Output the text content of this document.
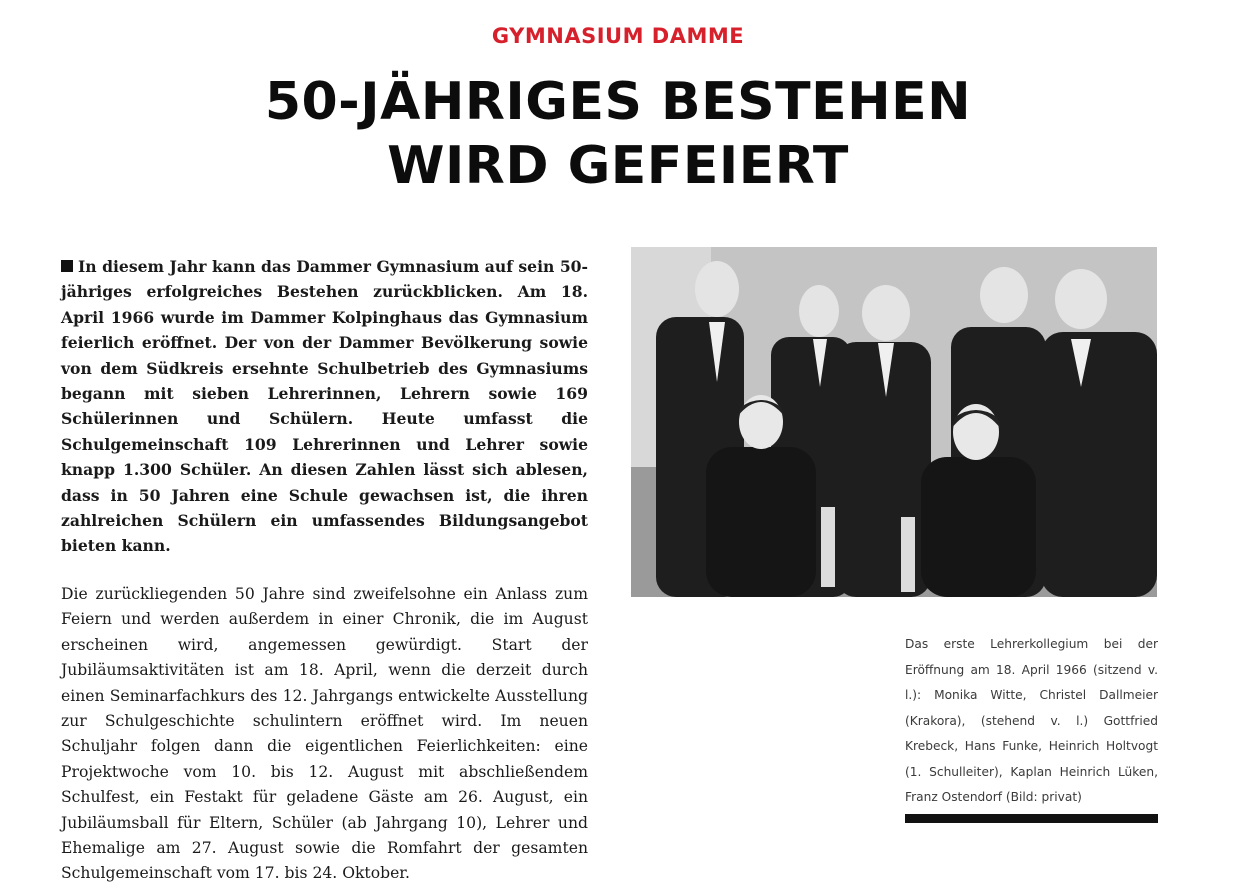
GYMNASIUM DAMME
50-JÄHRIGES BESTEHEN
WIRD GEFEIERT

In diesem Jahr kann das Dammer Gymnasium auf sein 50-jähriges erfolgreiches Bestehen zurückblicken. Am 18. April 1966 wurde im Dammer Kolpinghaus das Gymnasium feierlich eröffnet. Der von der Dammer Bevölkerung sowie von dem Südkreis ersehnte Schulbetrieb des Gymnasiums begann mit sieben Lehrerinnen, Lehrern sowie 169 Schülerinnen und Schülern. Heute umfasst die Schulgemeinschaft 109 Lehrerinnen und Lehrer sowie knapp 1.300 Schüler. An diesen Zahlen lässt sich ablesen, dass in 50 Jahren eine Schule gewachsen ist, die ihren zahlreichen Schülern ein umfassendes Bildungsangebot bieten kann.

Die zurückliegenden 50 Jahre sind zweifelsohne ein Anlass zum Feiern und werden außerdem in einer Chronik, die im August erscheinen wird, angemessen gewürdigt. Start der Jubiläumsaktivitäten ist am 18. April, wenn die derzeit durch einen Seminarfachkurs des 12. Jahrgangs entwickelte Ausstellung zur Schulgeschichte schulintern eröffnet wird. Im neuen Schuljahr folgen dann die eigentlichen Feierlichkeiten: eine Projektwoche vom 10. bis 12. August mit abschließendem Schulfest, ein Festakt für geladene Gäste am 26. August, ein Jubiläumsball für Eltern, Schüler (ab Jahrgang 10), Lehrer und Ehemalige am 27. August sowie die Romfahrt der gesamten Schulgemeinschaft vom 17. bis 24. Oktober.

Das erste Lehrerkollegium bei der Eröffnung am 18. April 1966 (sitzend v. l.): Monika Witte, Christel Dallmeier (Krakora), (stehend v. l.) Gottfried Krebeck, Hans Funke, Heinrich Holtvogt (1. Schulleiter), Kaplan Heinrich Lüken, Franz Ostendorf (Bild: privat)
